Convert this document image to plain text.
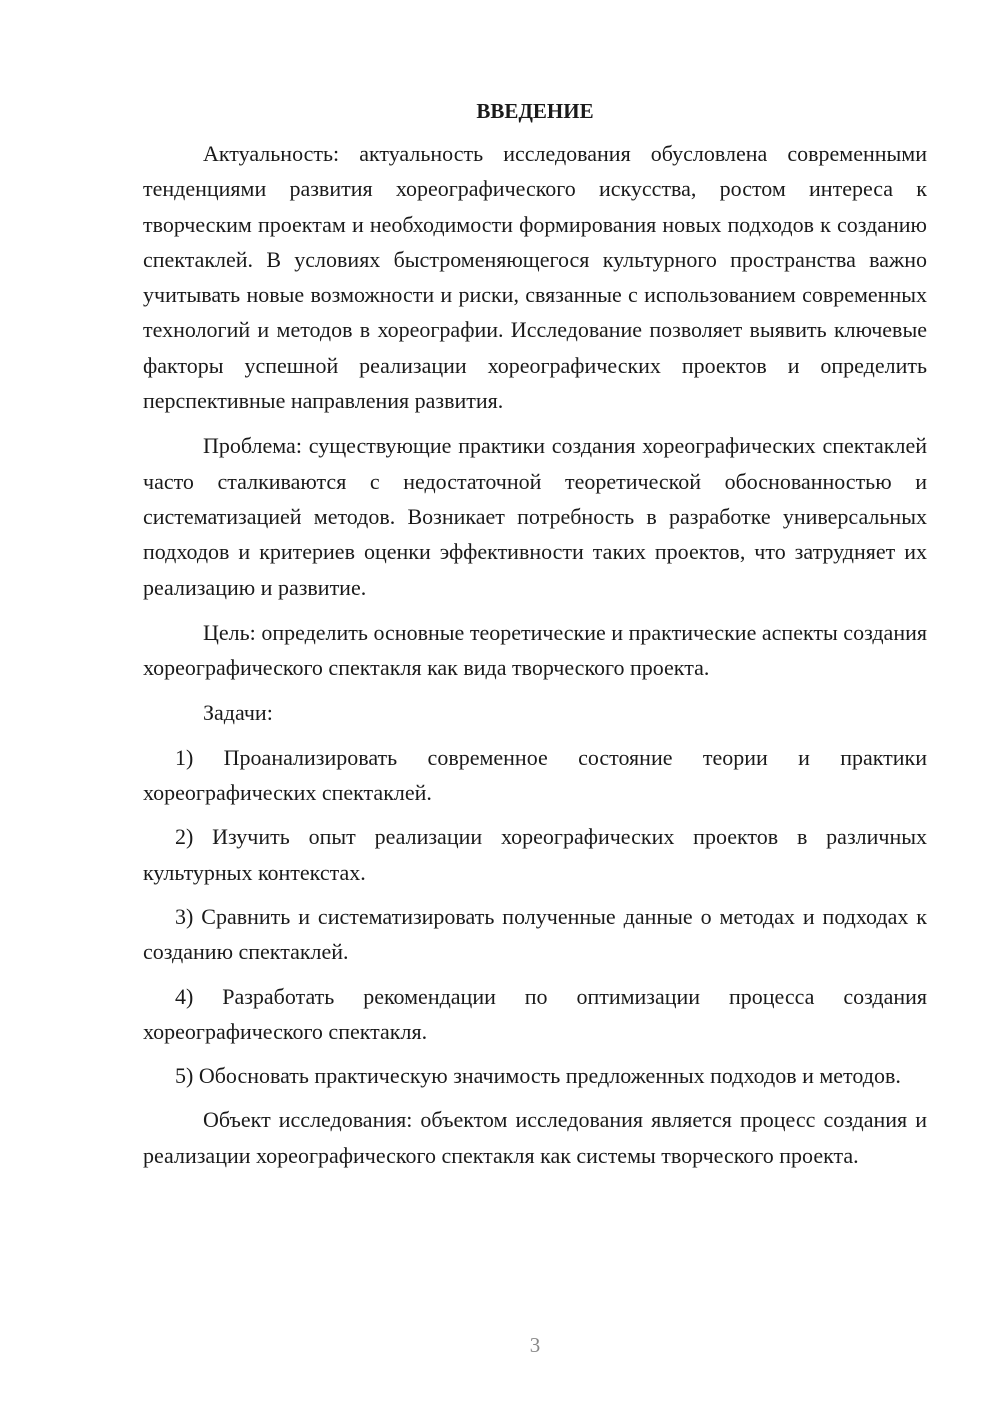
ВВЕДЕНИЕ

Актуальность: актуальность исследования обусловлена современными тенденциями развития хореографического искусства, ростом интереса к творческим проектам и необходимости формирования новых подходов к созданию спектаклей. В условиях быстроменяющегося культурного пространства важно учитывать новые возможности и риски, связанные с использованием современных технологий и методов в хореографии. Исследование позволяет выявить ключевые факторы успешной реализации хореографических проектов и определить перспективные направления развития.

Проблема: существующие практики создания хореографических спектаклей часто сталкиваются с недостаточной теоретической обоснованностью и систематизацией методов. Возникает потребность в разработке универсальных подходов и критериев оценки эффективности таких проектов, что затрудняет их реализацию и развитие.

Цель: определить основные теоретические и практические аспекты создания хореографического спектакля как вида творческого проекта.

Задачи:

1) Проанализировать современное состояние теории и практики хореографических спектаклей.

2) Изучить опыт реализации хореографических проектов в различных культурных контекстах.

3) Сравнить и систематизировать полученные данные о методах и подходах к созданию спектаклей.

4) Разработать рекомендации по оптимизации процесса создания хореографического спектакля.

5) Обосновать практическую значимость предложенных подходов и методов.

Объект исследования: объектом исследования является процесс создания и реализации хореографического спектакля как системы творческого проекта.

3
